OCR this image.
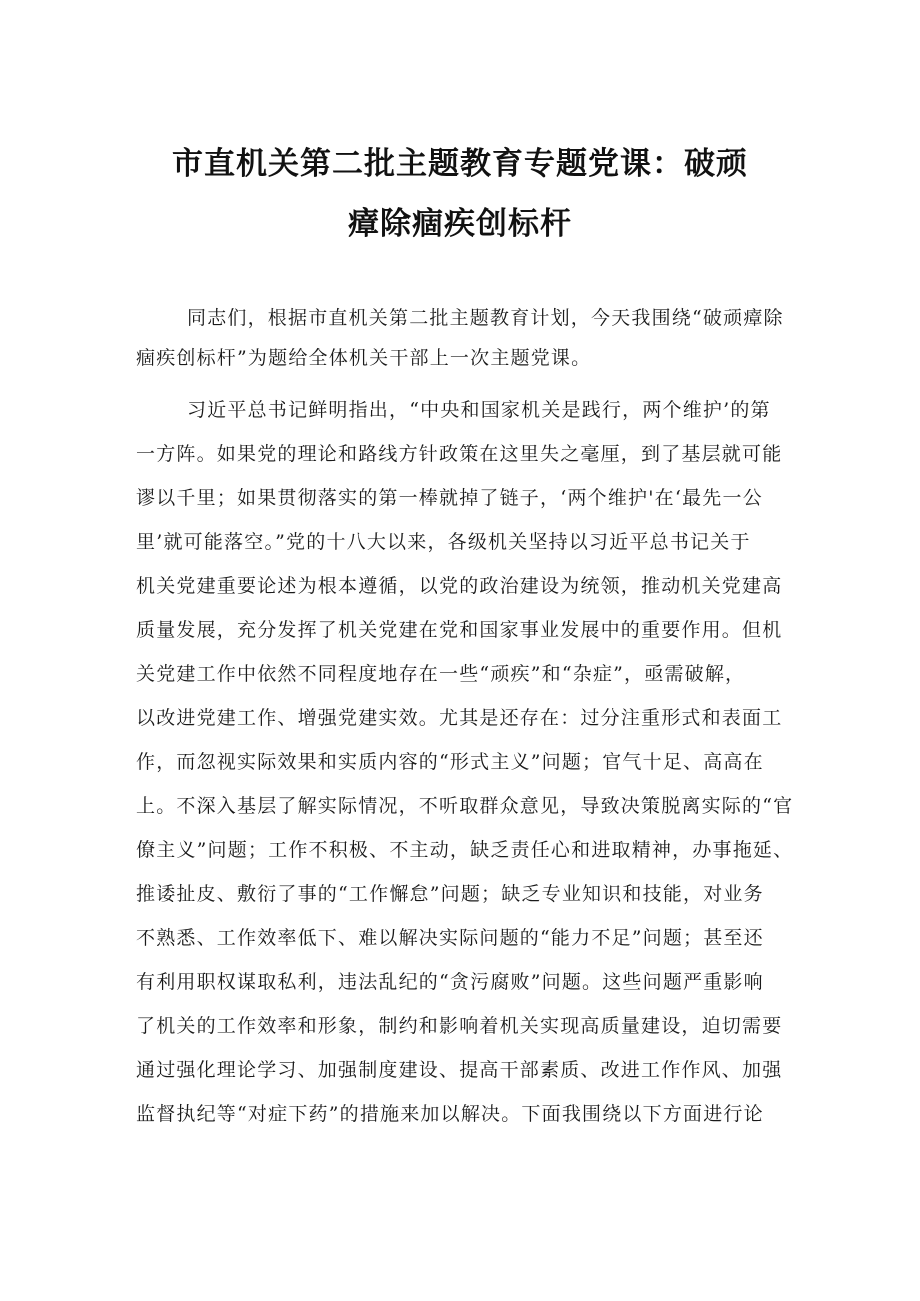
市直机关第二批主题教育专题党课：破顽
瘴除痼疾创标杆

同志们，根据市直机关第二批主题教育计划，今天我围绕“破顽瘴除

痼疾创标杆”为题给全体机关干部上一次主题党课。

习近平总书记鲜明指出，“中央和国家机关是践行，两个维护’的第

一方阵。如果党的理论和路线方针政策在这里失之毫厘，到了基层就可能

谬以千里；如果贯彻落实的第一棒就掉了链子，‘两个维护'在‘最先一公

里’就可能落空。”党的十八大以来，各级机关坚持以习近平总书记关于

机关党建重要论述为根本遵循，以党的政治建设为统领，推动机关党建高

质量发展，充分发挥了机关党建在党和国家事业发展中的重要作用。但机

关党建工作中依然不同程度地存在一些“顽疾”和“杂症”，亟需破解，

以改进党建工作、增强党建实效。尤其是还存在：过分注重形式和表面工

作，而忽视实际效果和实质内容的“形式主义”问题；官气十足、高高在

上。不深入基层了解实际情况，不听取群众意见，导致决策脱离实际的“官

僚主义”问题；工作不积极、不主动，缺乏责任心和进取精神，办事拖延、

推诿扯皮、敷衍了事的“工作懈怠”问题；缺乏专业知识和技能，对业务

不熟悉、工作效率低下、难以解决实际问题的“能力不足”问题；甚至还

有利用职权谋取私利，违法乱纪的“贪污腐败”问题。这些问题严重影响

了机关的工作效率和形象，制约和影响着机关实现高质量建设，迫切需要

通过强化理论学习、加强制度建设、提高干部素质、改进工作作风、加强

监督执纪等“对症下药”的措施来加以解决。下面我围绕以下方面进行论
